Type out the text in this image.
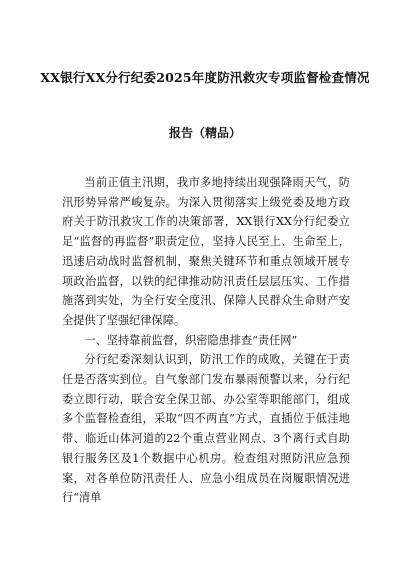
XX银行XX分行纪委2025年度防汛救灾专项监督检查情况
报告（精品）

当前正值主汛期，我市多地持续出现强降雨天气，防汛形势异常严峻复杂。为深入贯彻落实上级党委及地方政府关于防汛救灾工作的决策部署，XX银行XX分行纪委立足“监督的再监督”职责定位，坚持人民至上、生命至上，迅速启动战时监督机制，聚焦关键环节和重点领域开展专项政治监督，以铁的纪律推动防汛责任层层压实、工作措施落到实处，为全行安全度汛、保障人民群众生命财产安全提供了坚强纪律保障。

一、坚持靠前监督，织密隐患排查“责任网”

分行纪委深刻认识到，防汛工作的成败，关键在于责任是否落实到位。自气象部门发布暴雨预警以来，分行纪委立即行动，联合安全保卫部、办公室等职能部门，组成多个监督检查组，采取“四不两直”方式，直插位于低洼地带、临近山体河道的22个重点营业网点、3个离行式自助银行服务区及1个数据中心机房。检查组对照防汛应急预案，对各单位防汛责任人、应急小组成员在岗履职情况进行“清单
